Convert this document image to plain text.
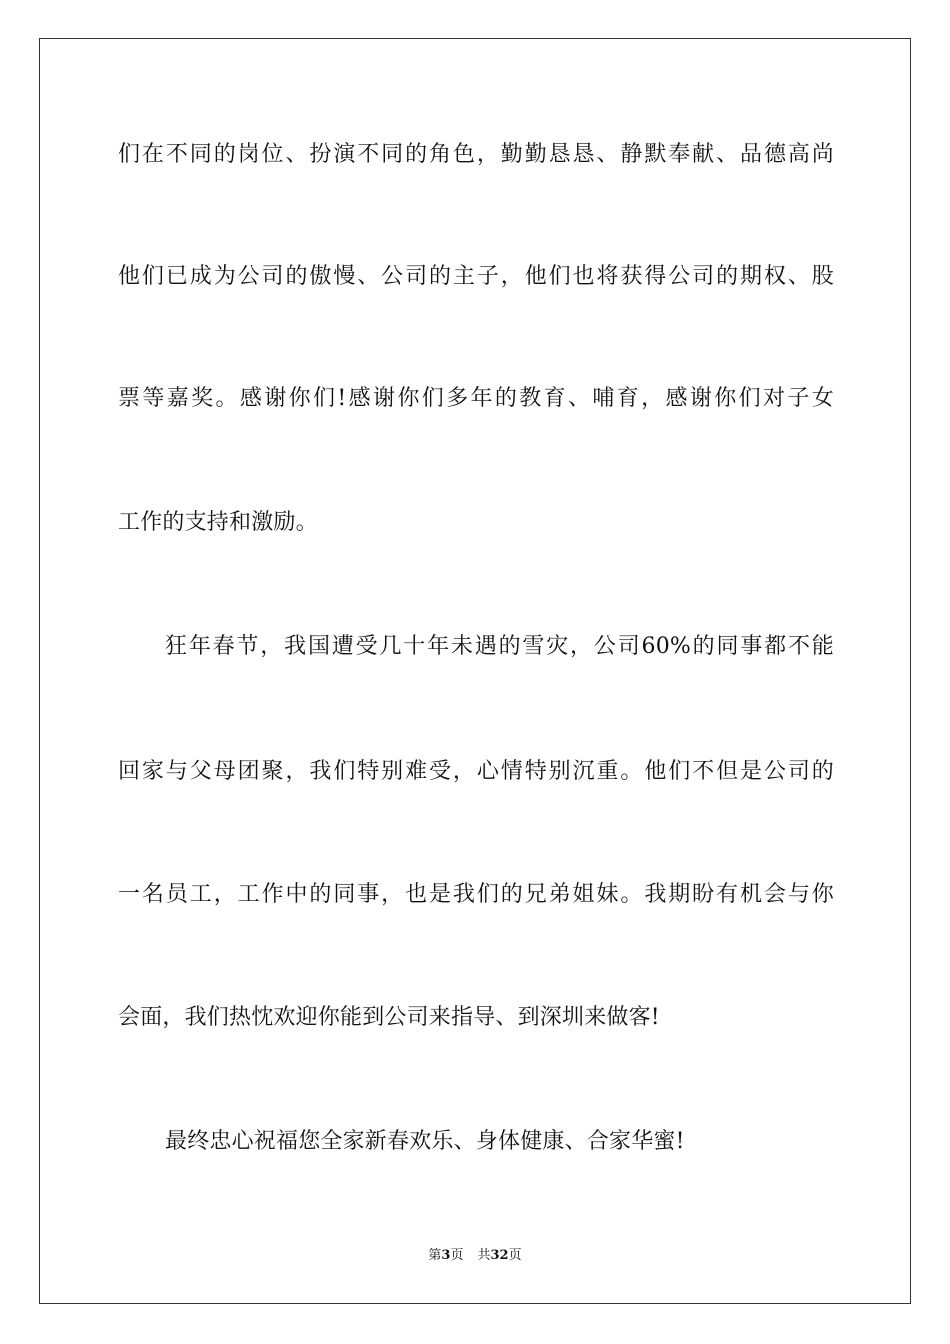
们在不同的岗位、扮演不同的角色，勤勤恳恳、静默奉献、品德高尚
他们已成为公司的傲慢、公司的主子，他们也将获得公司的期权、股
票等嘉奖。感谢你们!感谢你们多年的教育、哺育，感谢你们对子女
工作的支持和激励。
狂年春节，我国遭受几十年未遇的雪灾，公司60%的同事都不能
回家与父母团聚，我们特别难受，心情特别沉重。他们不但是公司的
一名员工，工作中的同事，也是我们的兄弟姐妹。我期盼有机会与你
会面，我们热忱欢迎你能到公司来指导、到深圳来做客!
最终忠心祝福您全家新春欢乐、身体健康、合家华蜜!
第3页 共32页
